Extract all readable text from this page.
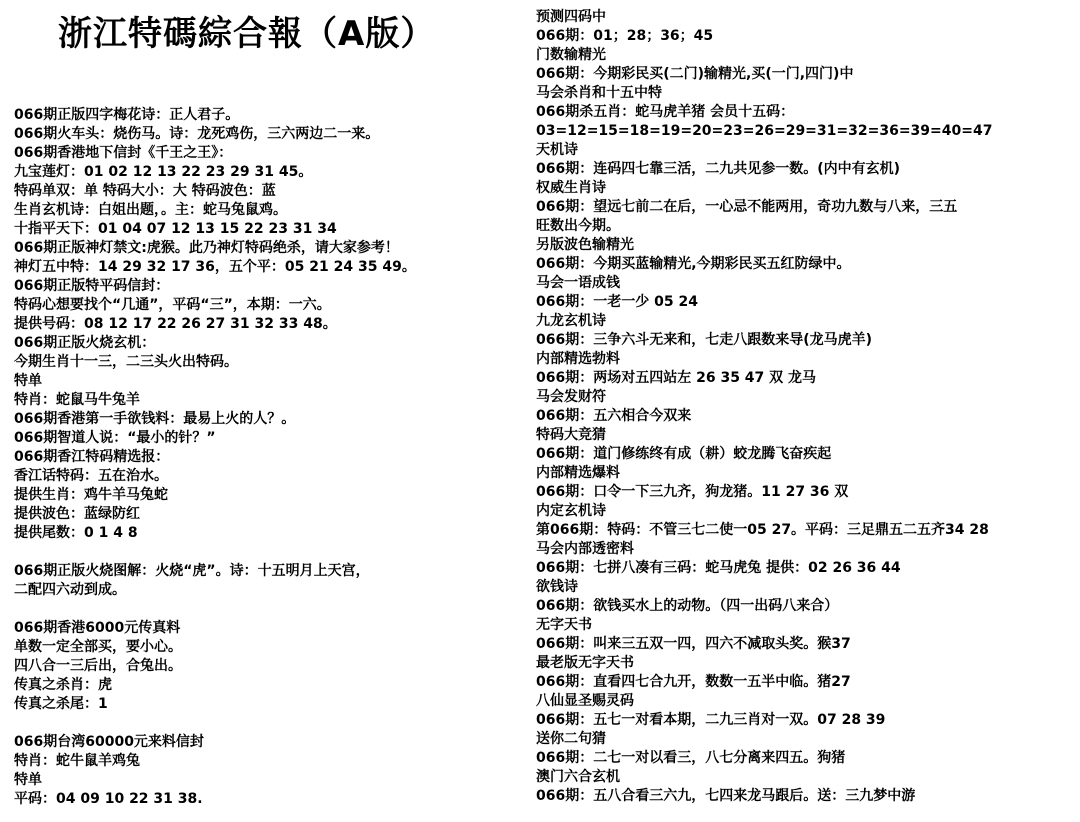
浙江特碼綜合報（A版）
066期正版四字梅花诗：正人君子。
066期火车头：烧伤马。诗：龙死鸡伤，三六两边二一来。
066期香港地下信封《千王之王》：
九宝莲灯：01 02 12 13 22 23 29 31 45。
特码单双：单 特码大小：大 特码波色：蓝
生肖玄机诗：白姐出题，。主：蛇马兔鼠鸡。
十指平天下：01 04 07 12 13 15 22 23 31 34
066期正版神灯禁文:虎猴。此乃神灯特码绝杀，请大家参考！
神灯五中特：14 29 32 17 36，五个平：05 21 24 35 49。
066期正版特平码信封：
特码心想要找个“几通”，平码“三”，本期：一六。
提供号码：08 12 17 22 26 27 31 32 33 48。
066期正版火烧玄机：
今期生肖十一三，二三头火出特码。
特单
特肖：蛇鼠马牛兔羊
066期香港第一手欲钱料：最易上火的人？。
066期智道人说：“最小的针？”
066期香江特码精选报：
香江话特码：五在治水。
提供生肖：鸡牛羊马兔蛇
提供波色：蓝绿防红
提供尾数：0 1 4 8
066期正版火烧图解：火烧“虎”。诗：十五明月上天宫，
二配四六动到成。
066期香港6000元传真料
单数一定全部买，要小心。
四八合一三后出，合兔出。
传真之杀肖：虎
传真之杀尾：1
066期台湾60000元来料信封
特肖：蛇牛鼠羊鸡兔
特单
平码：04 09 10 22 31 38.
预测四码中
066期：01；28；36；45
门数输精光
066期：今期彩民买(二门)输精光,买(一门,四门)中
马会杀肖和十五中特
066期杀五肖：蛇马虎羊猪 会员十五码：
03=12=15=18=19=20=23=26=29=31=32=36=39=40=47
天机诗
066期：连码四七靠三活，二九共见参一数。(内中有玄机)
权威生肖诗
066期：望远七前二在后，一心忌不能两用，奇功九数与八来，三五
旺数出今期。
另版波色输精光
066期：今期买蓝输精光,今期彩民买五红防绿中。
马会一语成钱
066期：一老一少 05 24
九龙玄机诗
066期：三争六斗无来和，七走八跟数来导(龙马虎羊)
内部精选勃料
066期：两场对五四站左 26 35 47 双 龙马
马会发财符
066期：五六相合今双来
特码大竞猜
066期：道门修练终有成（耕）蛟龙腾飞奋疾起
内部精选爆料
066期：口令一下三九齐，狗龙猪。11 27 36 双
内定玄机诗
第066期：特码：不管三七二使一05 27。平码：三足鼎五二五齐34 28
马会内部透密料
066期：七拼八凑有三码：蛇马虎兔 提供：02 26 36 44
欲钱诗
066期：欲钱买水上的动物。（四一出码八来合）
无字天书
066期：叫来三五双一四，四六不减取头奖。猴37
最老版无字天书
066期：直看四七合九开，数数一五半中临。猪27
八仙显圣赐灵码
066期：五七一对看本期，二九三肖对一双。07 28 39
送你二句猜
066期：二七一对以看三，八七分离来四五。狗猪
澳门六合玄机
066期：五八合看三六九，七四来龙马跟后。送：三九梦中游
